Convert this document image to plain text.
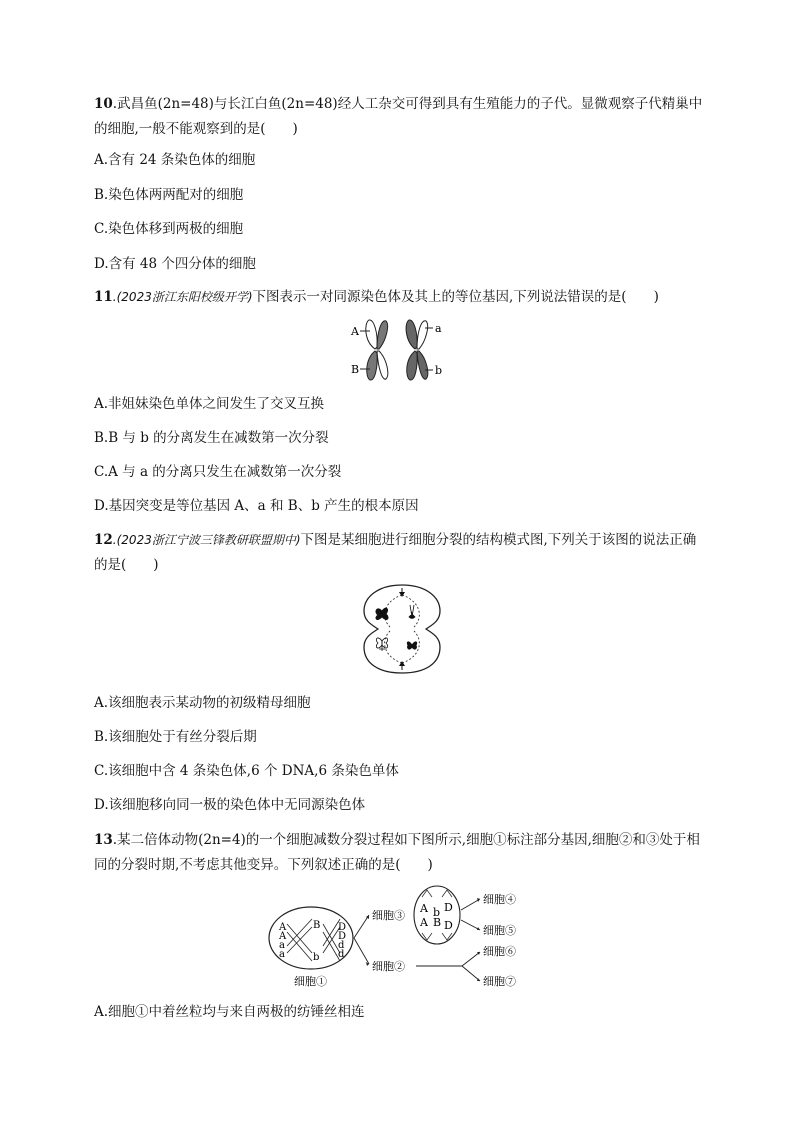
10.武昌鱼(2n=48)与长江白鱼(2n=48)经人工杂交可得到具有生殖能力的子代。显微观察子代精巢中的细胞,一般不能观察到的是(　　)
A.含有 24 条染色体的细胞
B.染色体两两配对的细胞
C.染色体移到两极的细胞
D.含有 48 个四分体的细胞
11.(2023浙江东阳校级开学)下图表示一对同源染色体及其上的等位基因,下列说法错误的是(　　)
A
B
a
b
A.非姐妹染色单体之间发生了交叉互换
B.B 与 b 的分离发生在减数第一次分裂
C.A 与 a 的分离只发生在减数第一次分裂
D.基因突变是等位基因 A、a 和 B、b 产生的根本原因
12.(2023浙江宁波三锋教研联盟期中)下图是某细胞进行细胞分裂的结构模式图,下列关于该图的说法正确的是(　　)
A.该细胞表示某动物的初级精母细胞
B.该细胞处于有丝分裂后期
C.该细胞中含 4 条染色体,6 个 DNA,6 条染色单体
D.该细胞移向同一极的染色体中无同源染色体
13.某二倍体动物(2n=4)的一个细胞减数分裂过程如下图所示,细胞①标注部分基因,细胞②和③处于相同的分裂时期,不考虑其他变异。下列叙述正确的是(　　)
A
A
a
a
B
b
D
D
d
d
细胞①
细胞③
细胞②
A b D
A B D
细胞④
细胞⑤
细胞⑥
细胞⑦
A.细胞①中着丝粒均与来自两极的纺锤丝相连
